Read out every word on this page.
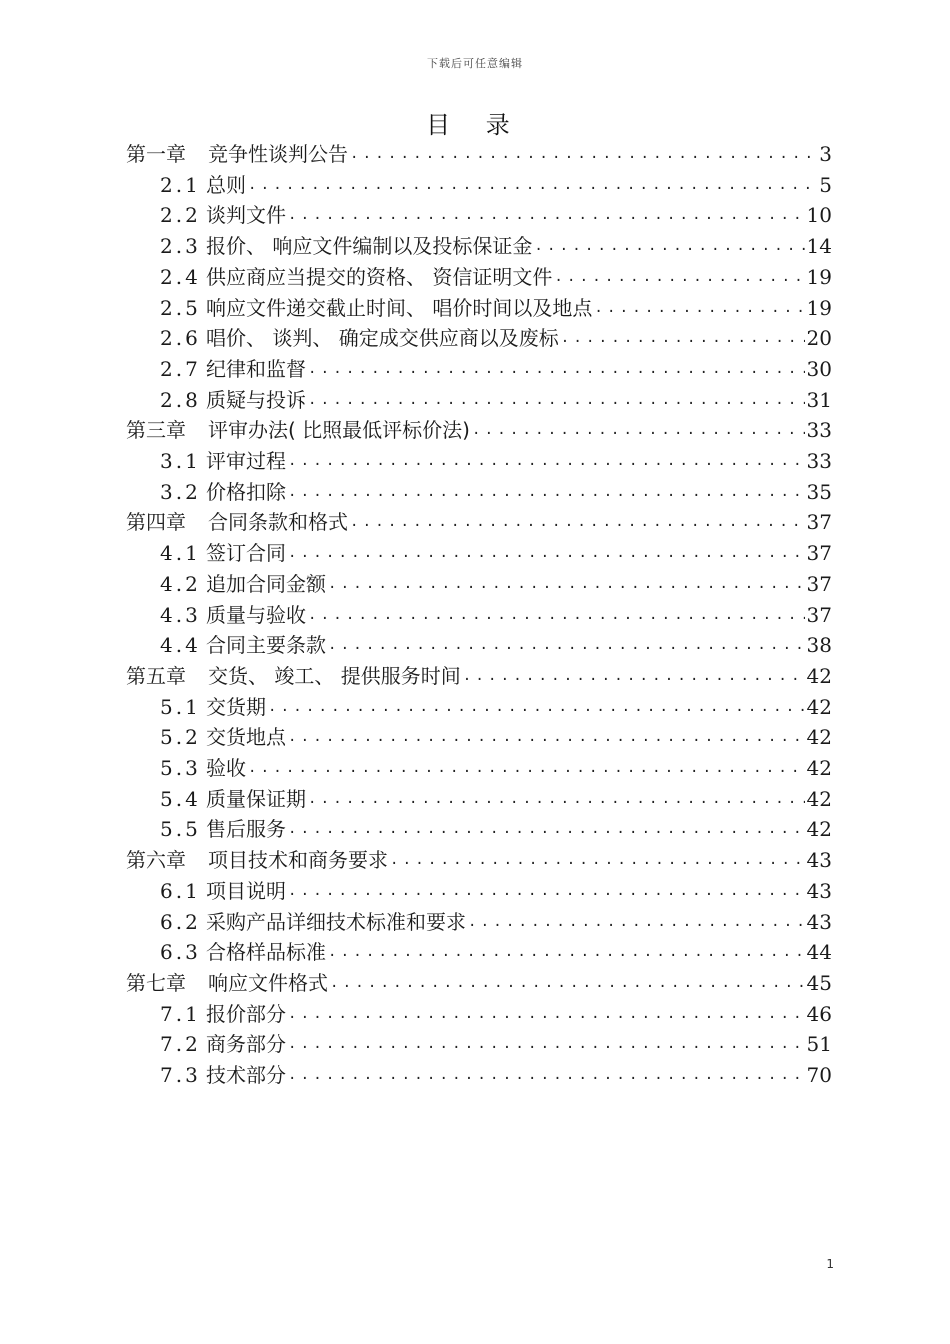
下载后可任意编辑
目 录
第一章	竞争性谈判公告 .....	3
2.1 总则 .....	5
2.2 谈判文件 .....	10
2.3 报价、 响应文件编制以及投标保证金 .....	14
2.4 供应商应当提交的资格、 资信证明文件 .....	19
2.5 响应文件递交截止时间、 唱价时间以及地点 .....	19
2.6 唱价、 谈判、 确定成交供应商以及废标 .....	20
2.7 纪律和监督 .....	30
2.8 质疑与投诉 .....	31
第三章	评审办法( 比照最低评标价法) .....	33
3.1 评审过程 .....	33
3.2 价格扣除 .....	35
第四章	合同条款和格式 .....	37
4.1 签订合同 .....	37
4.2 追加合同金额 .....	37
4.3 质量与验收 .....	37
4.4 合同主要条款 .....	38
第五章	交货、 竣工、 提供服务时间 .....	42
5.1 交货期 .....	42
5.2 交货地点 .....	42
5.3 验收 .....	42
5.4 质量保证期 .....	42
5.5 售后服务 .....	42
第六章	项目技术和商务要求 .....	43
6.1 项目说明 .....	43
6.2 采购产品详细技术标准和要求 .....	43
6.3 合格样品标准 .....	44
第七章	响应文件格式 .....	45
7.1 报价部分 .....	46
7.2 商务部分 .....	51
7.3 技术部分 .....	70
1
